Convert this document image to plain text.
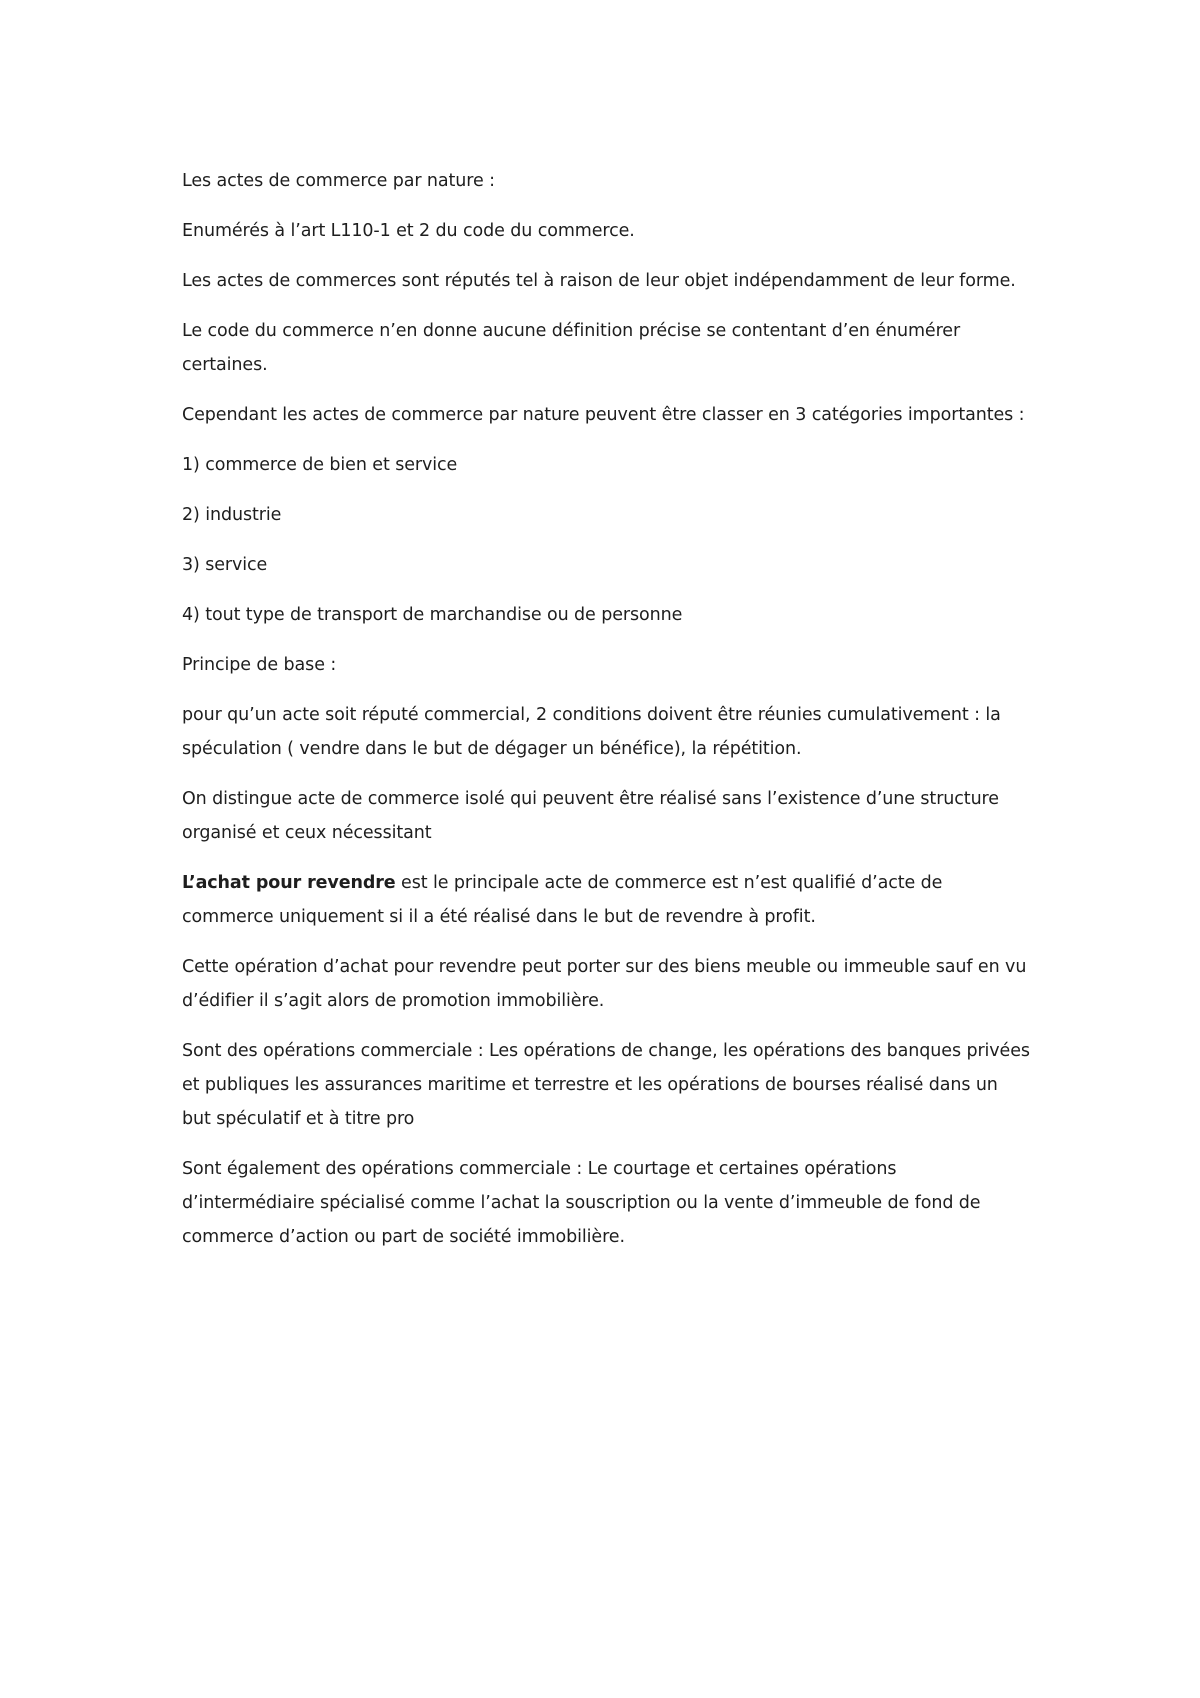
Les actes de commerce par nature :

Enumérés à l’art L110-1 et 2 du code du commerce.

Les actes de commerces sont réputés tel à raison de leur objet indépendamment de leur forme.

Le code du commerce n’en donne aucune définition précise se contentant d’en énumérer certaines.

Cependant les actes de commerce par nature peuvent être classer en 3 catégories importantes :

1) commerce de bien et service

2) industrie

3) service

4) tout type de transport de marchandise ou de personne

Principe de base :

pour qu’un acte soit réputé commercial, 2 conditions doivent être réunies cumulativement : la spéculation ( vendre dans le but de dégager un bénéfice), la répétition.

On distingue acte de commerce isolé qui peuvent être réalisé sans l’existence d’une structure organisé et ceux nécessitant

L’achat pour revendre est le principale acte de commerce est n’est qualifié d’acte de commerce uniquement si il a été réalisé dans le but de revendre à profit.

Cette opération d’achat pour revendre peut porter sur des biens meuble ou immeuble sauf en vu d’édifier il s’agit alors de promotion immobilière.

Sont des opérations commerciale : Les opérations de change, les opérations des banques privées et publiques les assurances maritime et terrestre et les opérations de bourses réalisé dans un but spéculatif et à titre pro

Sont également des opérations commerciale : Le courtage et certaines opérations d’intermédiaire spécialisé comme l’achat la souscription ou la vente d’immeuble de fond de commerce d’action ou part de société immobilière.
